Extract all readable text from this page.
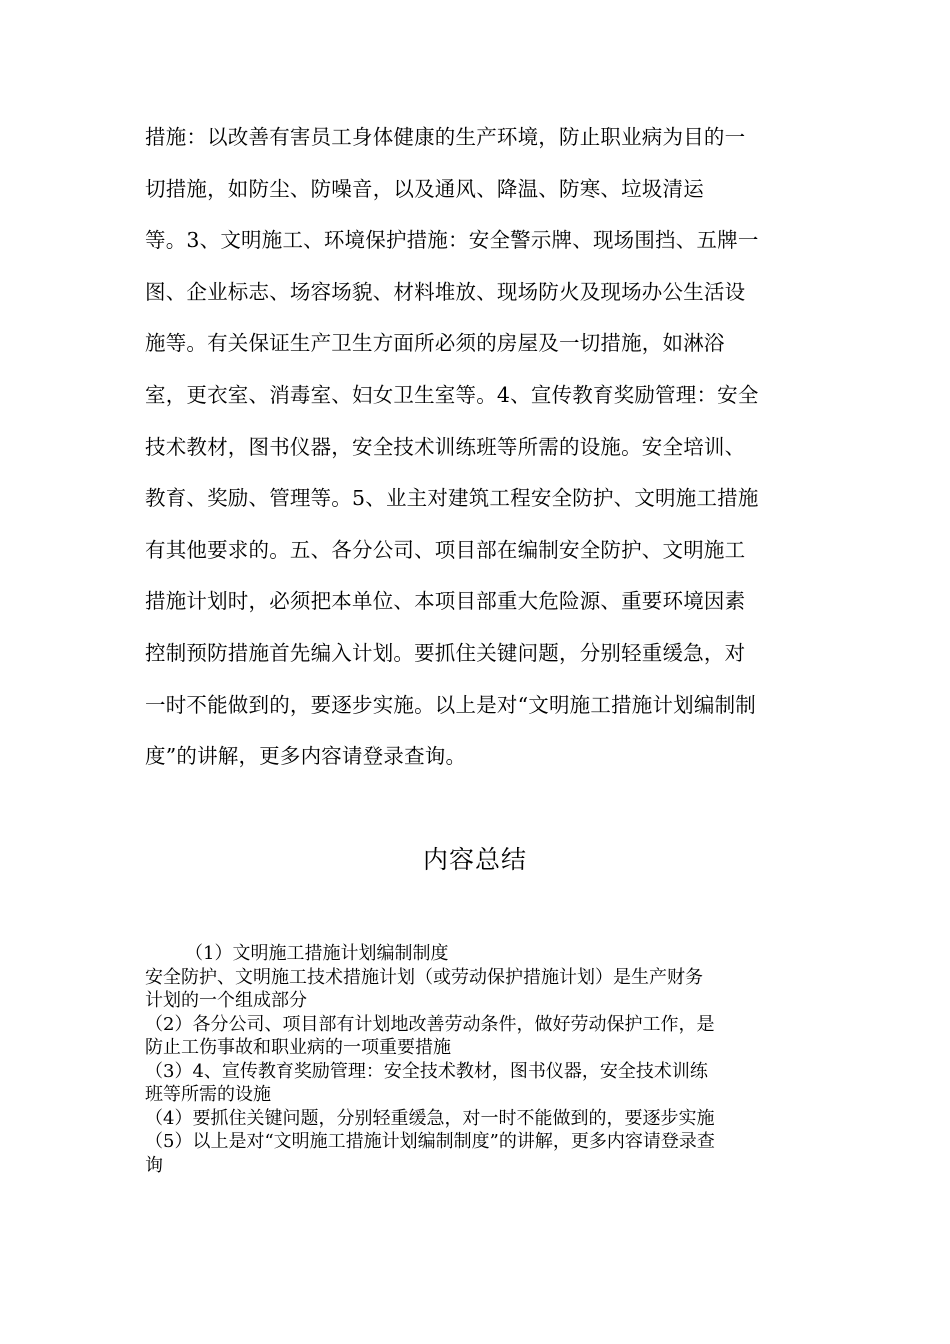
措施：以改善有害员工身体健康的生产环境，防止职业病为目的一
切措施，如防尘、防噪音，以及通风、降温、防寒、垃圾清运
等。3、文明施工、环境保护措施：安全警示牌、现场围挡、五牌一
图、企业标志、场容场貌、材料堆放、现场防火及现场办公生活设
施等。有关保证生产卫生方面所必须的房屋及一切措施，如淋浴
室，更衣室、消毒室、妇女卫生室等。4、宣传教育奖励管理：安全
技术教材，图书仪器，安全技术训练班等所需的设施。安全培训、
教育、奖励、管理等。5、业主对建筑工程安全防护、文明施工措施
有其他要求的。五、各分公司、项目部在编制安全防护、文明施工
措施计划时，必须把本单位、本项目部重大危险源、重要环境因素
控制预防措施首先编入计划。要抓住关键问题，分别轻重缓急，对
一时不能做到的，要逐步实施。以上是对“文明施工措施计划编制制
度”的讲解，更多内容请登录查询。
内容总结
（1）文明施工措施计划编制制度
安全防护、文明施工技术措施计划（或劳动保护措施计划）是生产财务
计划的一个组成部分
（2）各分公司、项目部有计划地改善劳动条件，做好劳动保护工作，是
防止工伤事故和职业病的一项重要措施
（3）4、宣传教育奖励管理：安全技术教材，图书仪器，安全技术训练
班等所需的设施
（4）要抓住关键问题，分别轻重缓急，对一时不能做到的，要逐步实施
（5）以上是对“文明施工措施计划编制制度”的讲解，更多内容请登录查
询
